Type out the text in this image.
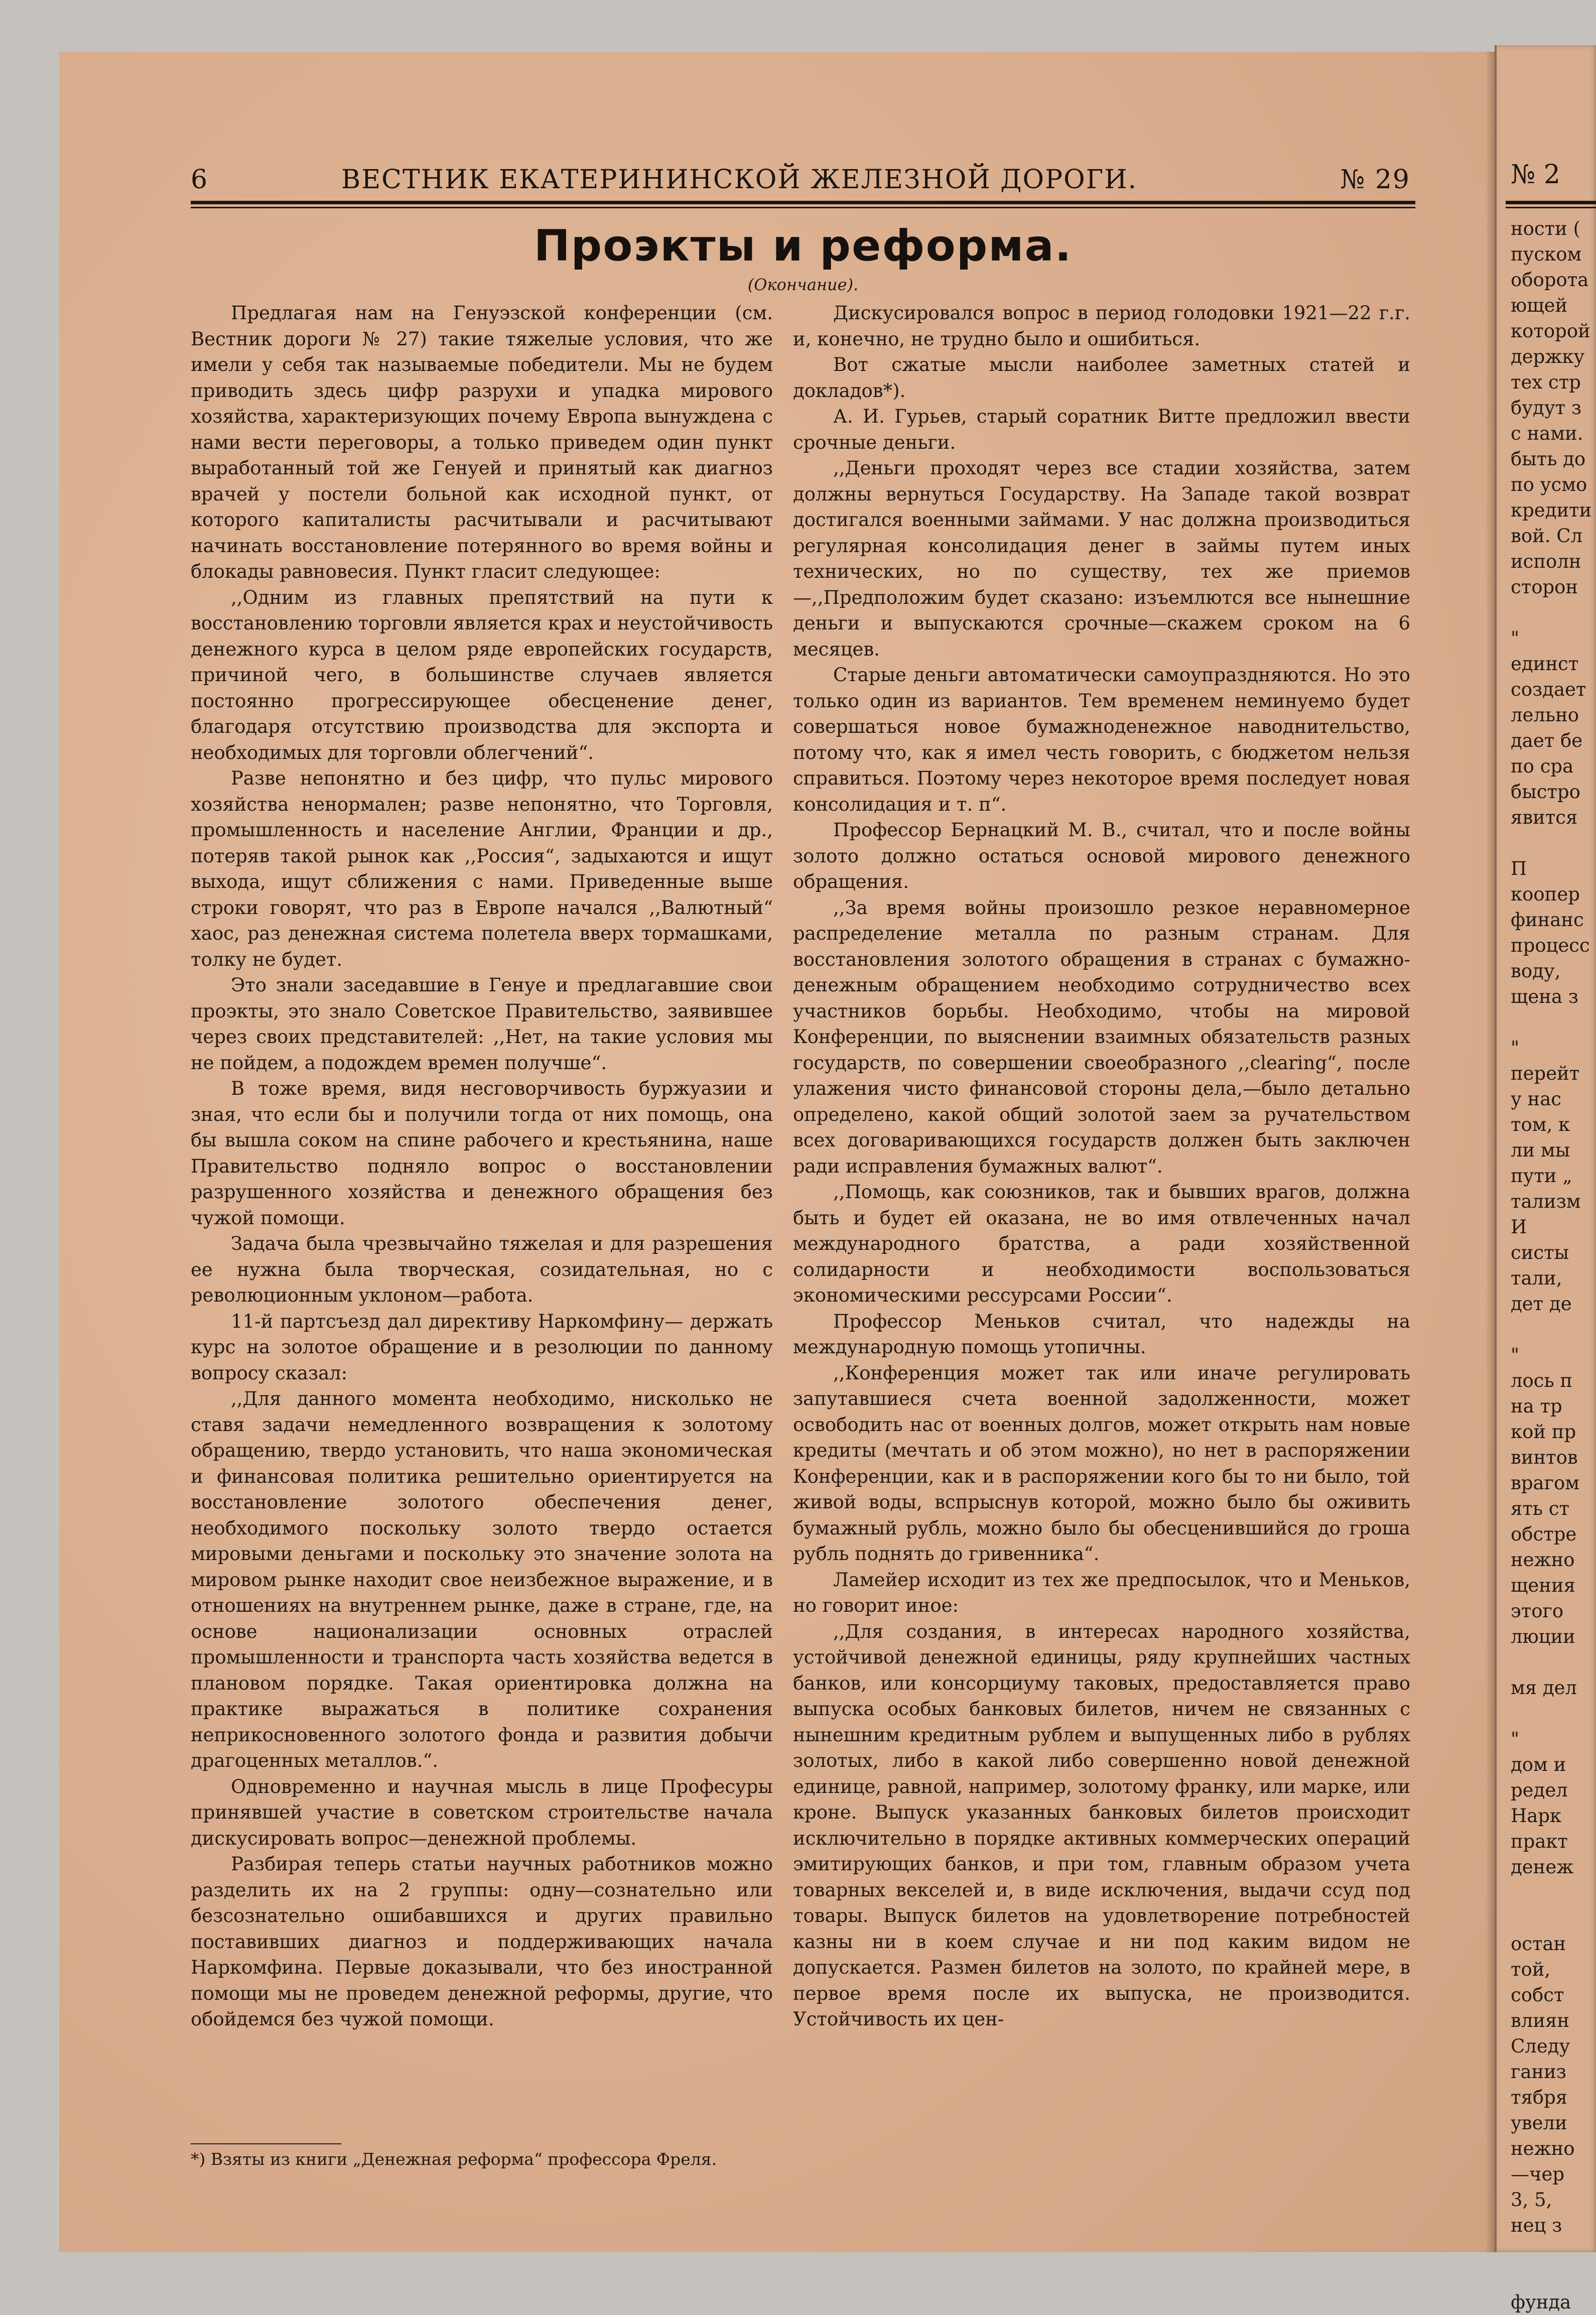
6	ВЕСТНИК ЕКАТЕРИНИНСКОЙ ЖЕЛЕЗНОЙ ДОРОГИ.	№ 29
Проэкты и реформа.
(Окончание).

Предлагая нам на Генуэзской конференции (см. Вестник дороги № 27) такие тяжелые условия, что же имели у себя так называемые победители. Мы не будем приводить здесь цифр разрухи и упадка мирового хозяйства, характеризующих почему Европа вынуждена с нами вести переговоры, а только приведем один пункт выработанный той же Генуей и принятый как диагноз врачей у постели больной как исходной пункт, от которого капиталисты расчитывали и расчитывают начинать восстановление потерянного во время войны и блокады равновесия. Пункт гласит следующее:

,,Одним из главных препятствий на пути к восстановлению торговли является крах и неустойчивость денежного курса в целом ряде европейских государств, причиной чего, в большинстве случаев является постоянно прогрессирующее обесценение денег, благодаря отсутствию производства для экспорта и необходимых для торговли облегчений“.

Разве непонятно и без цифр, что пульс мирового хозяйства ненормален; разве непонятно, что Торговля, промышленность и население Англии, Франции и др., потеряв такой рынок как ,,Россия“, задыхаются и ищут выхода, ищут сближения с нами. Приведенные выше строки говорят, что раз в Европе начался ,,Валютный“ хаос, раз денежная система полетела вверх тормашками, толку не будет.

Это знали заседавшие в Генуе и предлагавшие свои проэкты, это знало Советское Правительство, заявившее через своих представителей: ,,Нет, на такие условия мы не пойдем, а подождем времен получше“.

В тоже время, видя несговорчивость буржуазии и зная, что если бы и получили тогда от них помощь, она бы вышла соком на спине рабочего и крестьянина, наше Правительство подняло вопрос о восстановлении разрушенного хозяйства и денежного обращения без чужой помощи.

Задача была чрезвычайно тяжелая и для разрешения ее нужна была творческая, созидательная, но с революционным уклоном—работа.

11-й партсъезд дал директиву Наркомфину— держать курс на золотое обращение и в резолюции по данному вопросу сказал:

,,Для данного момента необходимо, нисколько не ставя задачи немедленного возвращения к золотому обращению, твердо установить, что наша экономическая и финансовая политика решительно ориентируется на восстановление золотого обеспечения денег, необходимого поскольку золото твердо остается мировыми деньгами и поскольку это значение золота на мировом рынке находит свое неизбежное выражение, и в отношениях на внутреннем рынке, даже в стране, где, на основе национализации основных отраслей промышленности и транспорта часть хозяйства ведется в плановом порядке. Такая ориентировка должна на практике выражаться в политике сохранения неприкосновенного золотого фонда и развития добычи драгоценных металлов.“.

Одновременно и научная мысль в лице Професуры принявшей участие в советском строительстве начала дискусировать вопрос—денежной проблемы.

Разбирая теперь статьи научных работников можно разделить их на 2 группы: одну—сознательно или безсознательно ошибавшихся и других правильно поставивших диагноз и поддерживающих начала Наркомфина. Первые доказывали, что без иностранной помощи мы не проведем денежной реформы, другие, что обойдемся без чужой помощи.

Дискусировался вопрос в период голодовки 1921—22 г.г. и, конечно, не трудно было и ошибиться.

Вот сжатые мысли наиболее заметных статей и докладов*).

А. И. Гурьев, старый соратник Витте предложил ввести срочные деньги.

,,Деньги проходят через все стадии хозяйства, затем должны вернуться Государству. На Западе такой возврат достигался военными займами. У нас должна производиться регулярная консолидация денег в займы путем иных технических, но по существу, тех же приемов—,,Предположим будет сказано: изъемлются все нынешние деньги и выпускаются срочные—скажем сроком на 6 месяцев.

Старые деньги автоматически самоупраздняются. Но это только один из вариантов. Тем временем неминуемо будет совершаться новое бумажноденежное наводнительство, потому что, как я имел честь говорить, с бюджетом нельзя справиться. Поэтому через некоторое время последует новая консолидация и т. п“.

Профессор Бернацкий М. В., считал, что и после войны золото должно остаться основой мирового денежного обращения.

,,За время войны произошло резкое неравномерное распределение металла по разным странам. Для восстановления золотого обращения в странах с бумажно-денежным обращением необходимо сотрудничество всех участников борьбы. Необходимо, чтобы на мировой Конференции, по выяснении взаимных обязательств разных государств, по совершении своеобразного ,,clearing“, после улажения чисто финансовой стороны дела,—было детально определено, какой общий золотой заем за ручательством всех договаривающихся государств должен быть заключен ради исправления бумажных валют“.

,,Помощь, как союзников, так и бывших врагов, должна быть и будет ей оказана, не во имя отвлеченных начал международного братства, а ради хозяйственной солидарности и необходимости воспользоваться экономическими рессурсами России“.

Профессор Меньков считал, что надежды на международную помощь утопичны.

,,Конференция может так или иначе регулировать запутавшиеся счета военной задолженности, может освободить нас от военных долгов, может открыть нам новые кредиты (мечтать и об этом можно), но нет в распоряжении Конференции, как и в распоряжении кого бы то ни было, той живой воды, вспрыснув которой, можно было бы оживить бумажный рубль, можно было бы обесценившийся до гроша рубль поднять до гривенника“.

Ламейер исходит из тех же предпосылок, что и Меньков, но говорит иное:

,,Для создания, в интересах народного хозяйства, устойчивой денежной единицы, ряду крупнейших частных банков, или консорциуму таковых, предоставляется право выпуска особых банковых билетов, ничем не связанных с нынешним кредитным рублем и выпущенных либо в рублях золотых, либо в какой либо совершенно новой денежной единице, равной, например, золотому франку, или марке, или кроне. Выпуск указанных банковых билетов происходит исключительно в порядке активных коммерческих операций эмитирующих банков, и при том, главным образом учета товарных векселей и, в виде исключения, выдачи ссуд под товары. Выпуск билетов на удовлетворение потребностей казны ни в коем случае и ни под каким видом не допускается. Размен билетов на золото, по крайней мере, в первое время после их выпуска, не производится. Устойчивость их цен-

*) Взяты из книги „Денежная реформа“ профессора Фреля.
№ 2
ности (
пуском
оборота
ющей
которой
держку
тех стр
будут з
с нами.
быть до
по усмо
кредити
вой. Сл
исполн
сторон
"
единст
создает
лельно
дает бе
по сра
быстро
явится
П
коопер
финанс
процесс
воду,
щена з
"
перейт
у нас
том, к
ли мы
пути „
тализм
И
систы
тали,
дет де
"
лось п
на тр
кой пр
винтов
врагом
ять ст
обстре
нежно
щения
этого
люции
мя дел
"
дом и
редел
Нарк
практ
денеж
остан
той,
собст
влиян
Следу
ганиз
тября
увели
нежно
—чер
3, 5,
нец з
фунда
